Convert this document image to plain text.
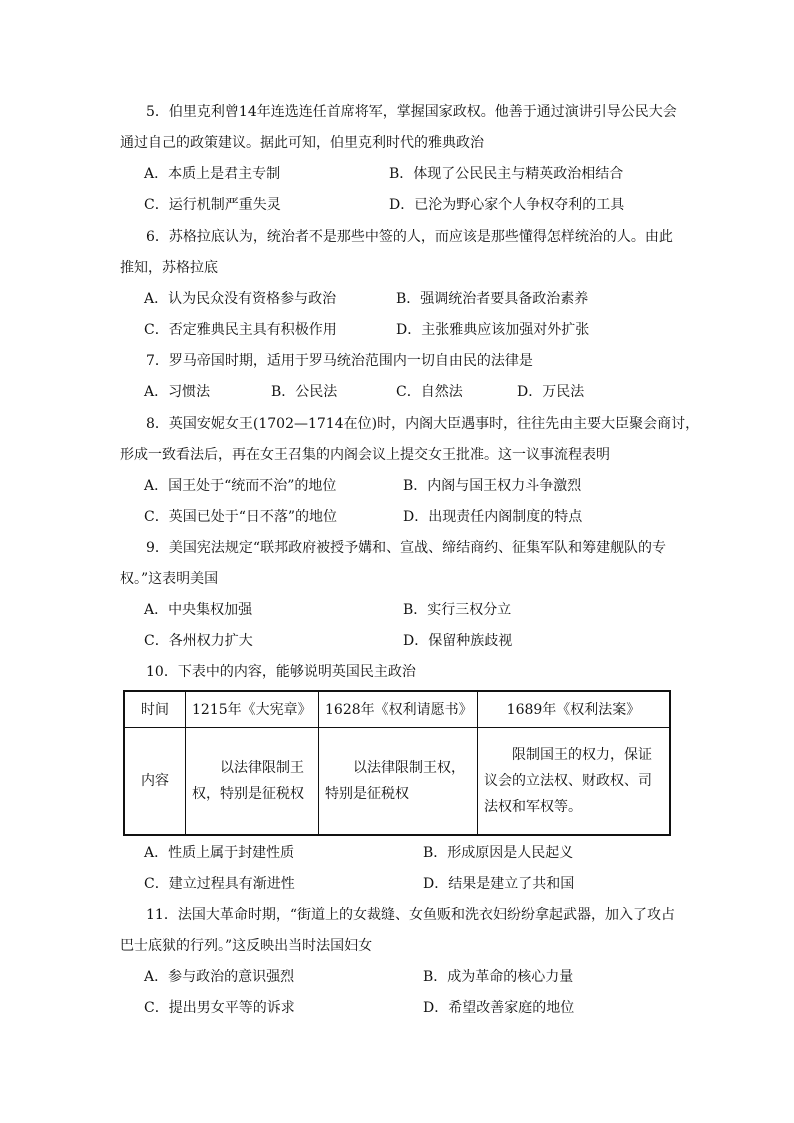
5．伯里克利曾14年连选连任首席将军，掌握国家政权。他善于通过演讲引导公民大会
通过自己的政策建议。据此可知，伯里克利时代的雅典政治
A．本质上是君主专制	B．体现了公民民主与精英政治相结合
C．运行机制严重失灵	D．已沦为野心家个人争权夺利的工具
6．苏格拉底认为，统治者不是那些中签的人，而应该是那些懂得怎样统治的人。由此
推知，苏格拉底
A．认为民众没有资格参与政治	B．强调统治者要具备政治素养
C．否定雅典民主具有积极作用	D．主张雅典应该加强对外扩张
7．罗马帝国时期，适用于罗马统治范围内一切自由民的法律是
A．习惯法	B．公民法	C．自然法	D．万民法
8．英国安妮女王(1702—1714在位)时，内阁大臣遇事时，往往先由主要大臣聚会商讨，
形成一致看法后，再在女王召集的内阁会议上提交女王批准。这一议事流程表明
A．国王处于“统而不治”的地位	B．内阁与国王权力斗争激烈
C．英国已处于“日不落”的地位	D．出现责任内阁制度的特点
9．美国宪法规定“联邦政府被授予媾和、宣战、缔结商约、征集军队和筹建舰队的专
权。”这表明美国
A．中央集权加强	B．实行三权分立
C．各州权力扩大	D．保留种族歧视
10．下表中的内容，能够说明英国民主政治
时间	1215年《大宪章》	1628年《权利请愿书》	1689年《权利法案》
内容	以法律限制王权，特别是征税权	以法律限制王权，特别是征税权	限制国王的权力，保证议会的立法权、财政权、司法权和军权等。
A．性质上属于封建性质	B．形成原因是人民起义
C．建立过程具有渐进性	D．结果是建立了共和国
11．法国大革命时期，“街道上的女裁缝、女鱼贩和洗衣妇纷纷拿起武器，加入了攻占
巴士底狱的行列。”这反映出当时法国妇女
A．参与政治的意识强烈	B．成为革命的核心力量
C．提出男女平等的诉求	D．希望改善家庭的地位
